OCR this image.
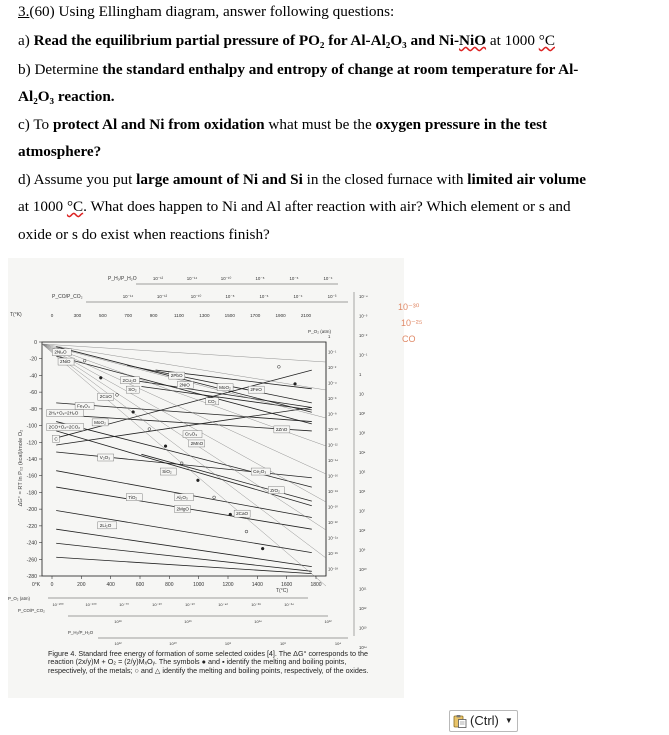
3.(60) Using Ellingham diagram, answer following questions:
a) Read the equilibrium partial pressure of PO₂ for Al-Al₂O₃ and Ni-NiO at 1000 °C
b) Determine the standard enthalpy and entropy of change at room temperature for Al-
Al₂O₃ reaction.
c) To protect Al and Ni from oxidation what must be the oxygen pressure in the test
atmosphere?
d) Assume you put large amount of Ni and Si in the closed furnace with limited air volume
at 1000 °C. What does happen to Ni and Al after reaction with air? Which element or s and
oxide or s do exist when reactions finish?
0
-20
-40
-60
-80
-100
-120
-140
-160
-180
-200
-220
-240
-260
-280
ΔG° = RT ln P₀₂ (kcal)/mole O₂
0	200	400	600	800	1000	1200	1400	1600	1800
0°K
T(°C)
T(°K)	0	300	500	700	900	1100	1300	1500	1700	1900	2100
P_H₂/P_H₂O
P_CO/P_CO₂
10⁻¹²	10⁻¹⁴	10⁻¹⁰	10⁻⁸	10⁻⁶	10⁻⁴
10⁻¹⁴	10⁻¹²	10⁻¹⁰	10⁻⁸	10⁻⁶	10⁻⁴	10⁻³
P_O₂ (atm)
1
10⁻¹
10⁻²
10⁻⁴
10⁻⁶
10⁻⁸
10⁻¹⁰
10⁻¹²
10⁻¹⁴
10⁻¹⁶
10⁻¹⁸
10⁻²⁰
10⁻²²
10⁻²⁴
10⁻²⁶
10⁻²⁸
10⁻⁴
10⁻³
10⁻²
10⁻¹
1
10
10²
10³
10⁴
10⁵
10⁶
10⁷
10⁸
10⁹
10¹⁰
10¹¹
10¹²
10¹³
10¹⁴
P_O₂ (atm)
10⁻²⁰⁰	10⁻¹⁰⁰	10⁻⁷⁰	10⁻⁶⁰	10⁻⁵⁰	10⁻⁴²	10⁻³⁸	10⁻³⁴
P_CO/P_CO₂
10¹⁸	10¹⁶	10¹⁴	10¹²
P_H₂/P_H₂O
10¹²	10¹⁰	10⁸	10⁶	10⁴
2Ni₂O
2NiO
2Cu₂O
2PbO
SO₂
2NiO	MoO₂
CO₂
2FeO
2CoO
2H₂+O₂=2H₂O
Fe₃O₄
2CO+O₂=2CO₂
MoO₂
2ZnO
Cr₂O₃
2MnO
V₂O₃
SiO₂
TiO₂	Al₂O₃
2MgO
2CaO
ZrO₂
Ce₂O₃
2Li₂O
C
10⁻³⁰
10⁻²⁵
CO
Figure 4. Standard free energy of formation of some selected oxides [4]. The ΔG° corresponds to the reaction (2x/y)M + O₂ = (2/y)MₓOᵧ. The symbols ● and ▪ identify the melting and boiling points, respectively, of the metals; ○ and △ identify the melting and boiling points, respectively, of the oxides.
(Ctrl) ▼
